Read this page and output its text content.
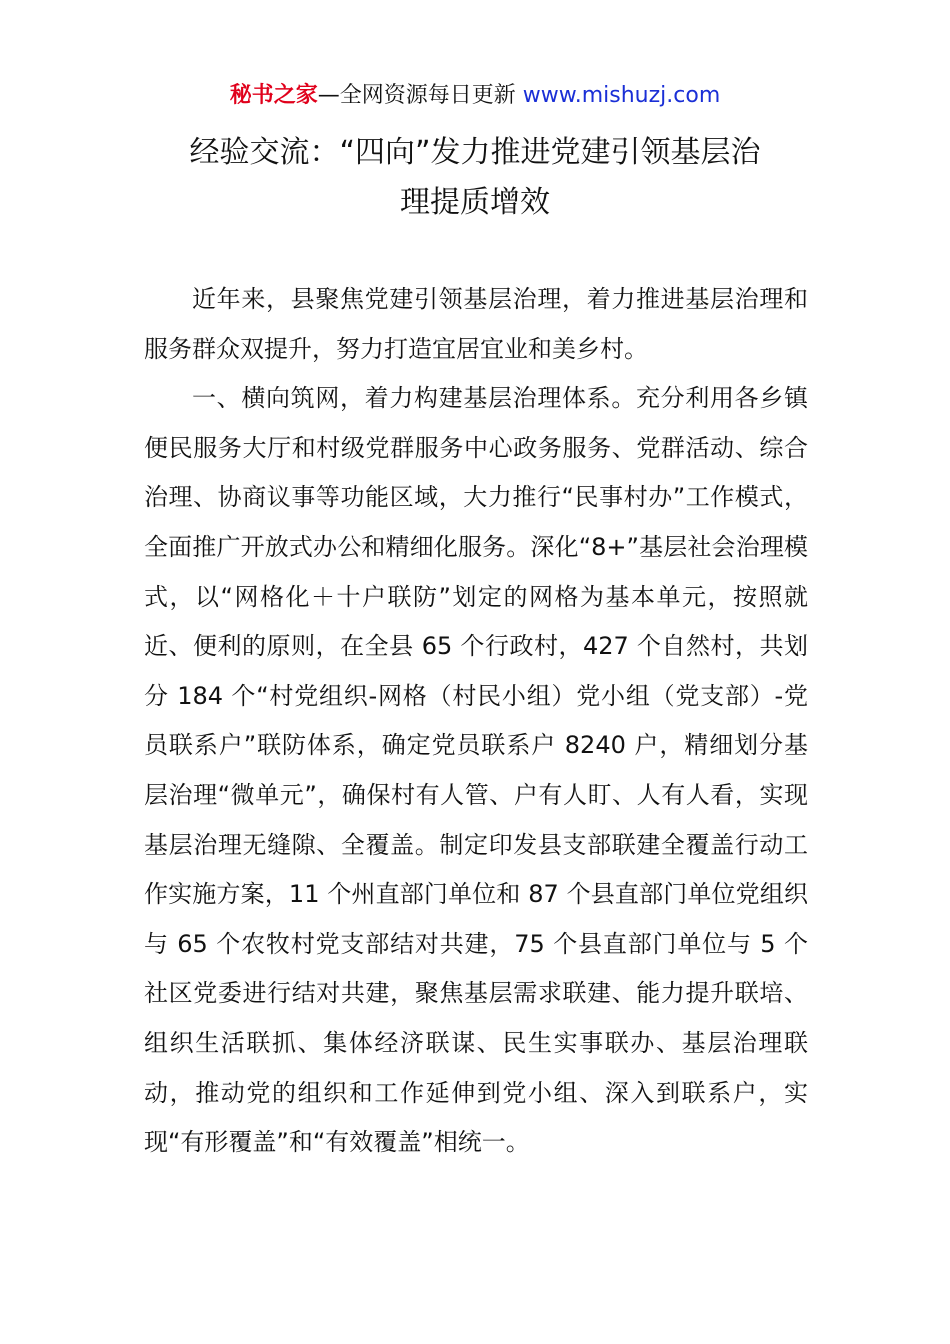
秘书之家—全网资源每日更新 www.mishuzj.com
经验交流：“四向”发力推进党建引领基层治
理提质增效

近年来，县聚焦党建引领基层治理，着力推进基层治理和服务群众双提升，努力打造宜居宜业和美乡村。

一、横向筑网，着力构建基层治理体系。充分利用各乡镇便民服务大厅和村级党群服务中心政务服务、党群活动、综合治理、协商议事等功能区域，大力推行“民事村办”工作模式，全面推广开放式办公和精细化服务。深化“8+”基层社会治理模式，以“网格化＋十户联防”划定的网格为基本单元，按照就近、便利的原则，在全县 65 个行政村，427 个自然村，共划分 184 个“村党组织-网格（村民小组）党小组（党支部）-党员联系户”联防体系，确定党员联系户 8240 户，精细划分基层治理“微单元”，确保村有人管、户有人盯、人有人看，实现基层治理无缝隙、全覆盖。制定印发县支部联建全覆盖行动工作实施方案，11 个州直部门单位和 87 个县直部门单位党组织与 65 个农牧村党支部结对共建，75 个县直部门单位与 5 个社区党委进行结对共建，聚焦基层需求联建、能力提升联培、组织生活联抓、集体经济联谋、民生实事联办、基层治理联动，推动党的组织和工作延伸到党小组、深入到联系户，实现“有形覆盖”和“有效覆盖”相统一。
